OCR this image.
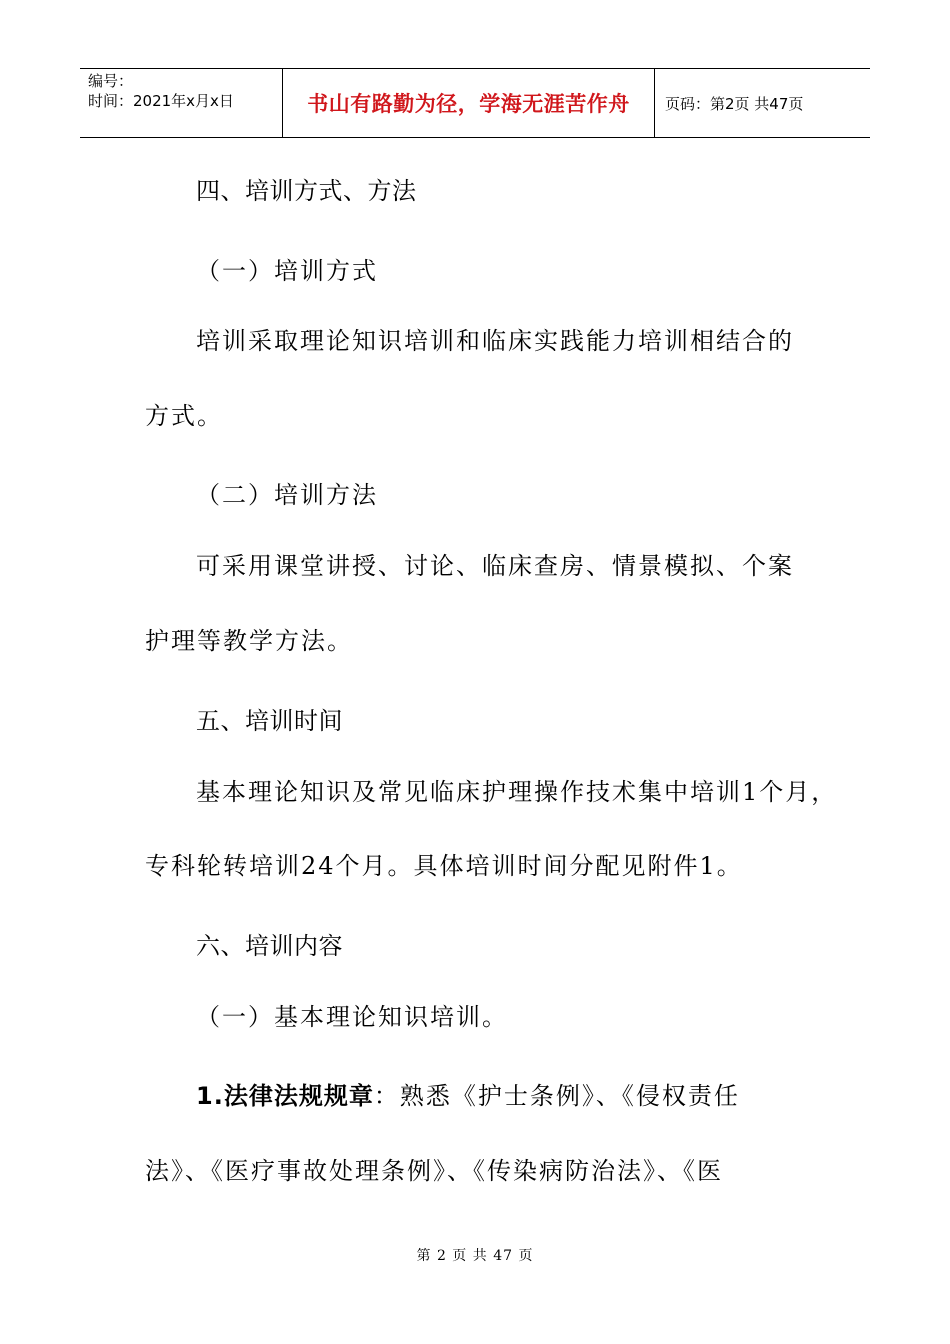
编号：
时间：2021年x月x日	书山有路勤为径，学海无涯苦作舟	页码：第2页 共47页
四、培训方式、方法
（一）培训方式
培训采取理论知识培训和临床实践能力培训相结合的
方式。
（二）培训方法
可采用课堂讲授、讨论、临床查房、情景模拟、个案
护理等教学方法。
五、培训时间
基本理论知识及常见临床护理操作技术集中培训1个月，
专科轮转培训24个月。具体培训时间分配见附件1。
六、培训内容
（一）基本理论知识培训。
1.法律法规规章：熟悉《护士条例》、《侵权责任
法》、《医疗事故处理条例》、《传染病防治法》、《医
第 2 页 共 47 页
